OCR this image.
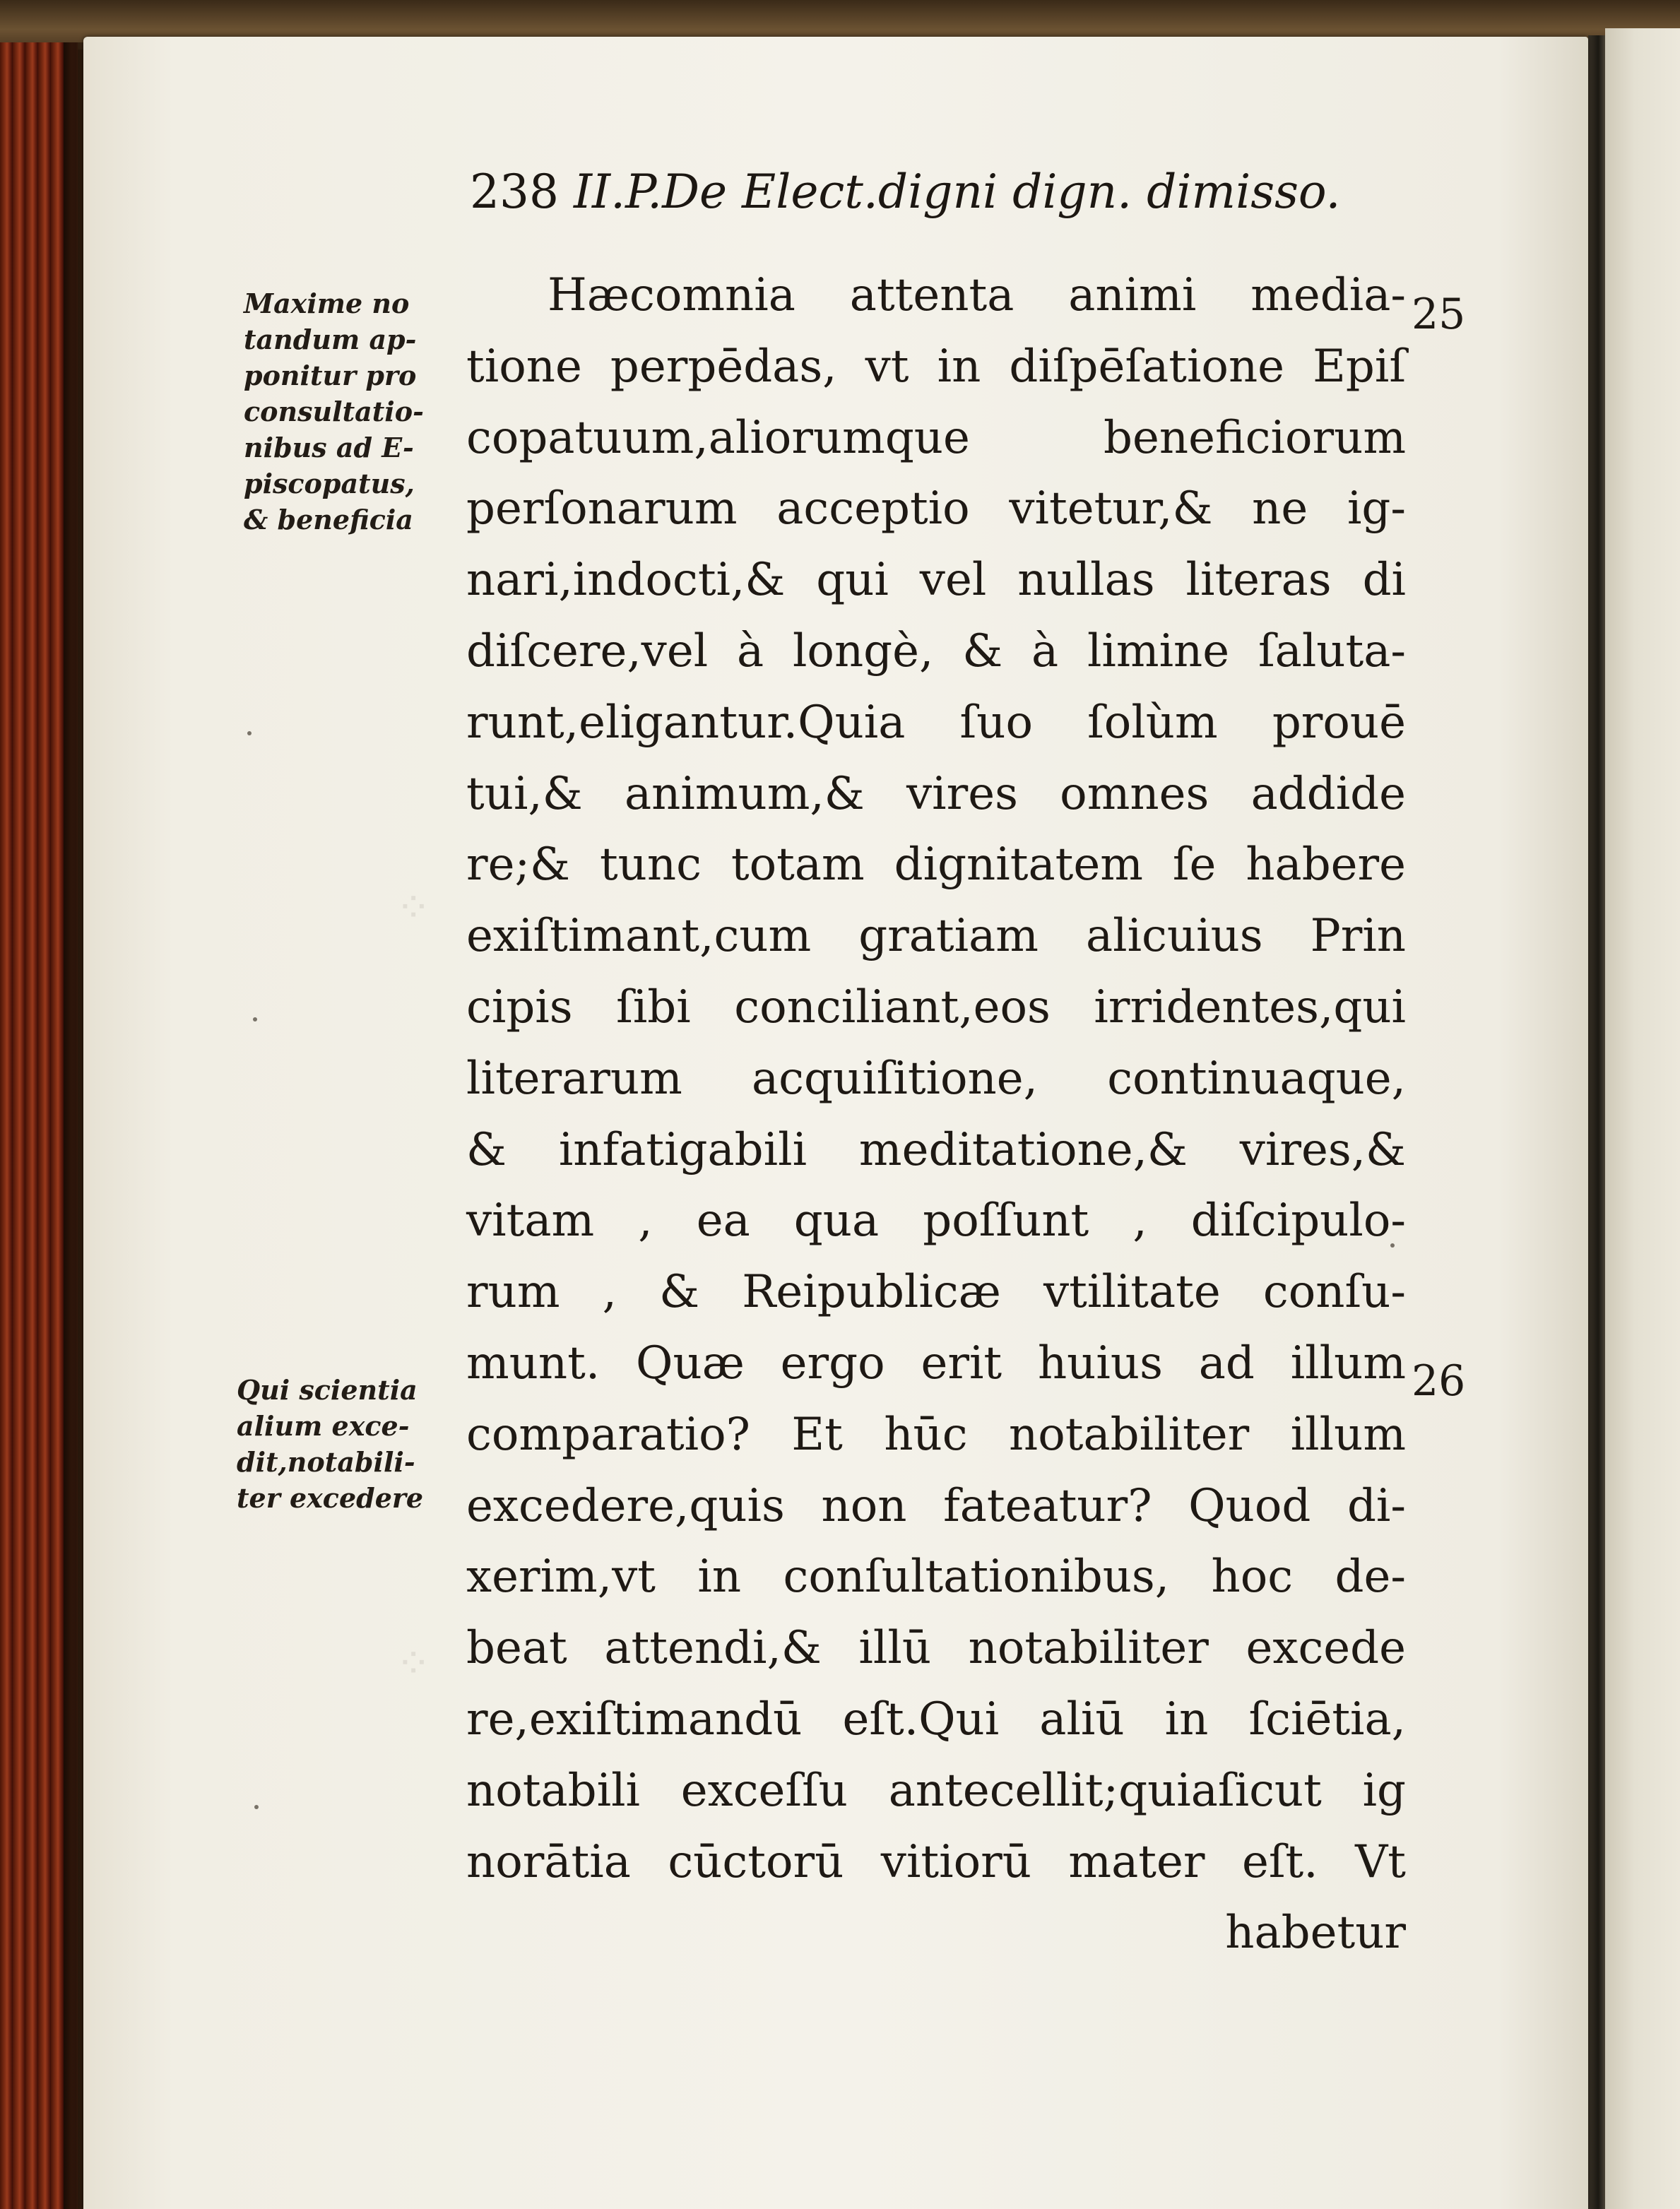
⁘
⁘
238 II.P.De Elect.digni dign. dimisso.
Maxime no
tandum ap-
ponitur pro
consultatio-
nibus ad E-
piscopatus,
& beneficia
Qui scientia
alium exce-
dit,notabili-
ter excedere
25
26
Hæcomnia attenta animi media-
tione perpēdas, vt in diſpēſatione Epiſ
copatuum,aliorumque beneficiorum
perſonarum acceptio vitetur,& ne ig-
nari,indocti,& qui vel nullas literas di
diſcere,vel à longè, & à limine ſaluta-
runt,eligantur.Quia ſuo ſolùm prouē
tui,& animum,& vires omnes addide
re;& tunc totam dignitatem ſe habere
exiſtimant,cum gratiam alicuius Prin
cipis ſibi conciliant,eos irridentes,qui
literarum acquiſitione, continuaque,
& infatigabili meditatione,& vires,&
vitam , ea qua poſſunt , diſcipulo-
rum , & Reipublicæ vtilitate conſu-
munt. Quæ ergo erit huius ad illum
comparatio? Et hūc notabiliter illum
excedere,quis non fateatur? Quod di-
xerim,vt in conſultationibus, hoc de-
beat attendi,& illū notabiliter excede
re,exiſtimandū eſt.Qui aliū in ſciētia,
notabili exceſſu antecellit;quiaſicut ig
norātia cūctorū vitiorū mater eſt. Vt
habetur
